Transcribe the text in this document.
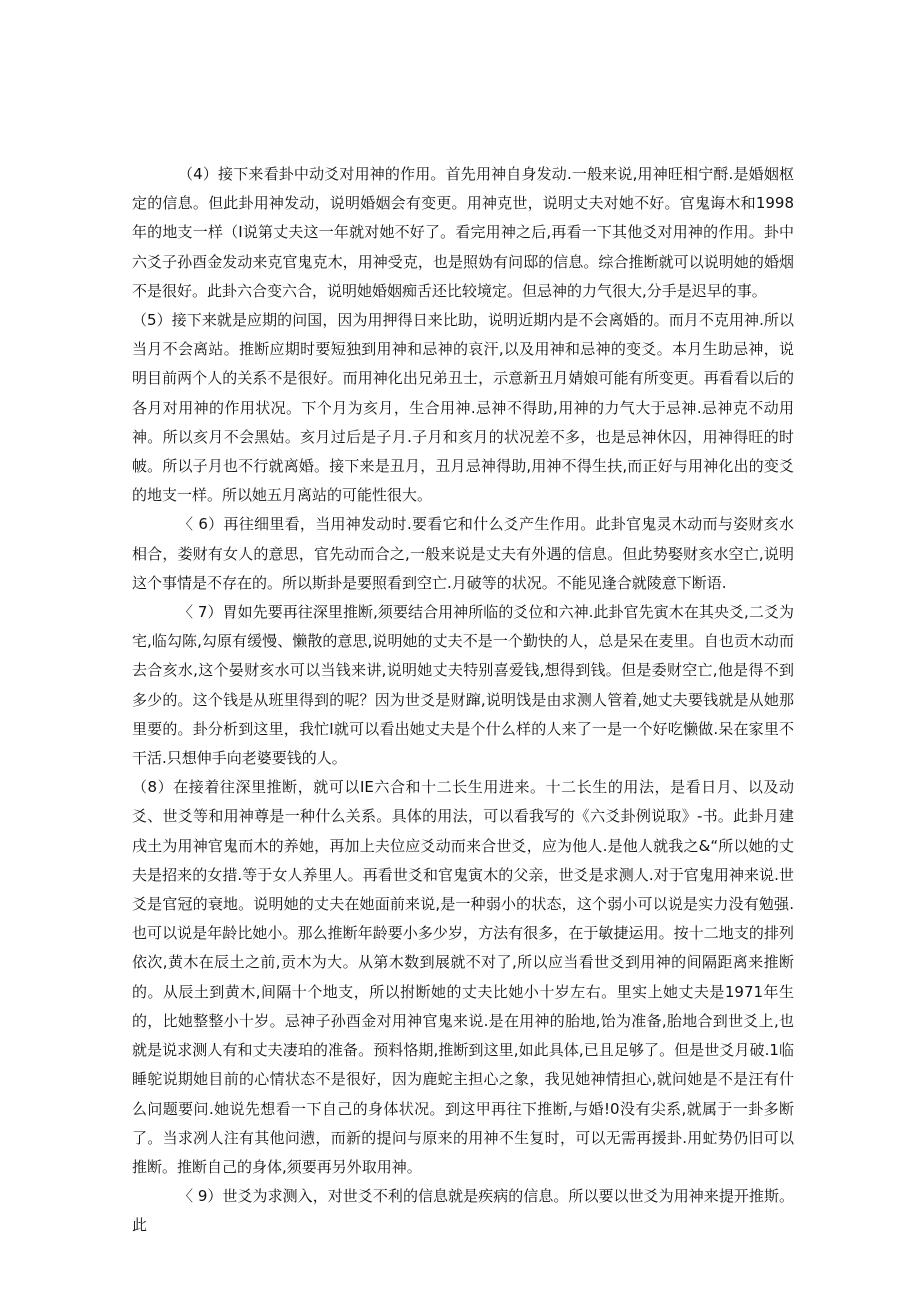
（4）接下来看卦中动爻对用神的作用。首先用神自身发动.一般来说,用神旺相宁酹.是婚姻枢定的信息。但此卦用神发动，说明婚姻会有变更。用神克世，说明丈夫对她不好。官鬼诲木和1998年的地支一样（I说第丈夫这一年就对她不好了。看完用神之后,再看一下其他爻对用神的作用。卦中六爻子孙酉金发动来克官鬼克木，用神受克，也是照妫有问邸的信息。综合推断就可以说明她的婚烟不是很好。此卦六合变六合，说明她婚姻痴舌还比较境定。但忌神的力气很大,分手是迟早的事。

（5）接下来就是应期的问国，因为用押得日来比助，说明近期内是不会离婚的。而月不克用神.所以当月不会离站。推断应期时要短独到用神和忌神的哀汗,以及用神和忌神的变爻。本月生助忌神，说明目前两个人的关系不是很好。而用神化出兄弟丑士，示意新丑月婧娘可能有所变更。再看看以后的各月对用神的作用状况。下个月为亥月，生合用神.忌神不得助,用神的力气大于忌神.忌神克不动用神。所以亥月不会黑姑。亥月过后是子月.子月和亥月的状况差不多，也是忌神休囚，用神得旺的时帔。所以子月也不行就离婚。接下来是丑月，丑月忌神得助,用神不得生扶,而正好与用神化出的变爻的地支一样。所以她五月离站的可能性很大。

〈 6）再往细里看，当用神发动时.要看它和什么爻产生作用。此卦官鬼灵木动而与姿财亥水相合，娄财有女人的意思，官先动而合之,一般来说是丈夫有外遇的信息。但此势娶财亥水空亡,说明这个事情是不存在的。所以斯卦是要照看到空亡.月破等的状况。不能见逢合就陵意下断语.

〈 7）胃如先要再往深里推断,须要结合用神所临的爻位和六神.此卦官先寅木在其央爻,二爻为宅,临勾陈,勾原有缓慢、懒散的意思,说明她的丈夫不是一个勤快的人，总是呆在麦里。自也贡木动而去合亥水,这个晏财亥水可以当钱来讲,说明她丈夫特别喜爱钱,想得到钱。但是委财空亡,他是得不到多少的。这个钱是从班里得到的呢？因为世爻是财蹿,说明饯是由求测人管着,她丈夫要钱就是从她那里要的。卦分析到这里，我忙I就可以看出她丈夫是个什么样的人来了一是一个好吃懒做.呆在家里不干活.只想伸手向老婆要钱的人。

（8）在接着往深里推断，就可以IE六合和十二长生用进来。十二长生的用法，是看日月、以及动爻、世爻等和用神尊是一种什么关系。具体的用法，可以看我写的《六爻卦例说取》-书。此卦月建戌土为用神官鬼而木的养她，再加上夫位应爻动而来合世爻，应为他人.是他人就我之&“所以她的丈夫是招来的女措.等于女人养里人。再看世爻和官鬼寅木的父亲，世爻是求测人.对于官鬼用神来说.世爻是官冠的衰地。说明她的丈夫在她面前来说,是一种弱小的状态，这个弱小可以说是实力没有勉强.也可以说是年龄比她小。那么推断年龄要小多少岁，方法有很多，在于敏捷运用。按十二地支的排列依次,黄木在辰土之前,贡木为大。从第木数到展就不对了,所以应当看世爻到用神的间隔距离来推断的。从辰土到黄木,间隔十个地支，所以拊断她的丈夫比她小十岁左右。里实上她丈夫是1971年生的，比她整整小十岁。忌神子孙酉金对用神官鬼来说.是在用神的胎地,饴为准备,胎地合到世爻上,也就是说求测人有和丈夫凄珀的准备。预料恪期,推断到这里,如此具体,已且足够了。但是世爻月破.1临睡鸵说期她目前的心情状态不是很好，因为鹿蛇主担心之象，我见她神情担心,就问她是不是汪有什么问题要问.她说先想看一下自己的身体状况。到这甲再往下推断,与婚!0没有尖系,就属于一卦多断了。当求冽人注有其他问懑，而新的提问与原来的用神不生复时，可以无需再援卦.用虻势仍旧可以推断。推断自己的身体,须要再另外取用神。

〈 9）世爻为求测入，对世爻不利的信息就是疾病的信息。所以要以世爻为用神来提开推斯。此
